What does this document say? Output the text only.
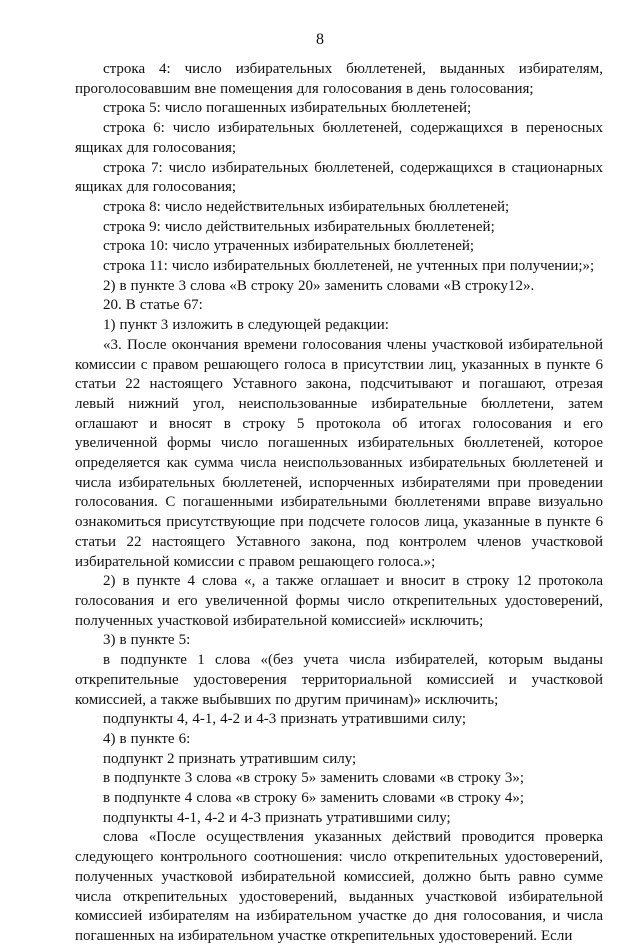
8

строка 4: число избирательных бюллетеней, выданных избирателям, проголосовавшим вне помещения для голосования в день голосования;

строка 5: число погашенных избирательных бюллетеней;

строка 6: число избирательных бюллетеней, содержащихся в переносных ящиках для голосования;

строка 7: число избирательных бюллетеней, содержащихся в стационарных ящиках для голосования;

строка 8: число недействительных избирательных бюллетеней;

строка 9: число действительных избирательных бюллетеней;

строка 10: число утраченных избирательных бюллетеней;

строка 11: число избирательных бюллетеней, не учтенных при получении;»;

2) в пункте 3 слова «В строку 20» заменить словами «В строку12».

20. В статье 67:

1) пункт 3 изложить в следующей редакции:

«3. После окончания времени голосования члены участковой избирательной комиссии с правом решающего голоса в присутствии лиц, указанных в пункте 6 статьи 22 настоящего Уставного закона, подсчитывают и погашают, отрезая левый нижний угол, неиспользованные избирательные бюллетени, затем оглашают и вносят в строку 5 протокола об итогах голосования и его увеличенной формы число погашенных избирательных бюллетеней, которое определяется как сумма числа неиспользованных избирательных бюллетеней и числа избирательных бюллетеней, испорченных избирателями при проведении голосования. С погашенными избирательными бюллетенями вправе визуально ознакомиться присутствующие при подсчете голосов лица, указанные в пункте 6 статьи 22 настоящего Уставного закона, под контролем членов участковой избирательной комиссии с правом решающего голоса.»;

2) в пункте 4 слова «, а также оглашает и вносит в строку 12 протокола голосования и его увеличенной формы число открепительных удостоверений, полученных участковой избирательной комиссией» исключить;

3) в пункте 5:

в подпункте 1 слова «(без учета числа избирателей, которым выданы открепительные удостоверения территориальной комиссией и участковой комиссией, а также выбывших по другим причинам)» исключить;

подпункты 4, 4-1, 4-2 и 4-3 признать утратившими силу;

4) в пункте 6:

подпункт 2 признать утратившим силу;

в подпункте 3 слова «в строку 5» заменить словами «в строку 3»;

в подпункте 4 слова «в строку 6» заменить словами «в строку 4»;

подпункты 4-1, 4-2 и 4-3 признать утратившими силу;

слова «После осуществления указанных действий проводится проверка следующего контрольного соотношения: число открепительных удостоверений, полученных участковой избирательной комиссией, должно быть равно сумме числа открепительных удостоверений, выданных участковой избирательной комиссией избирателям на избирательном участке до дня голосования, и числа погашенных на избирательном участке открепительных удостоверений. Если
